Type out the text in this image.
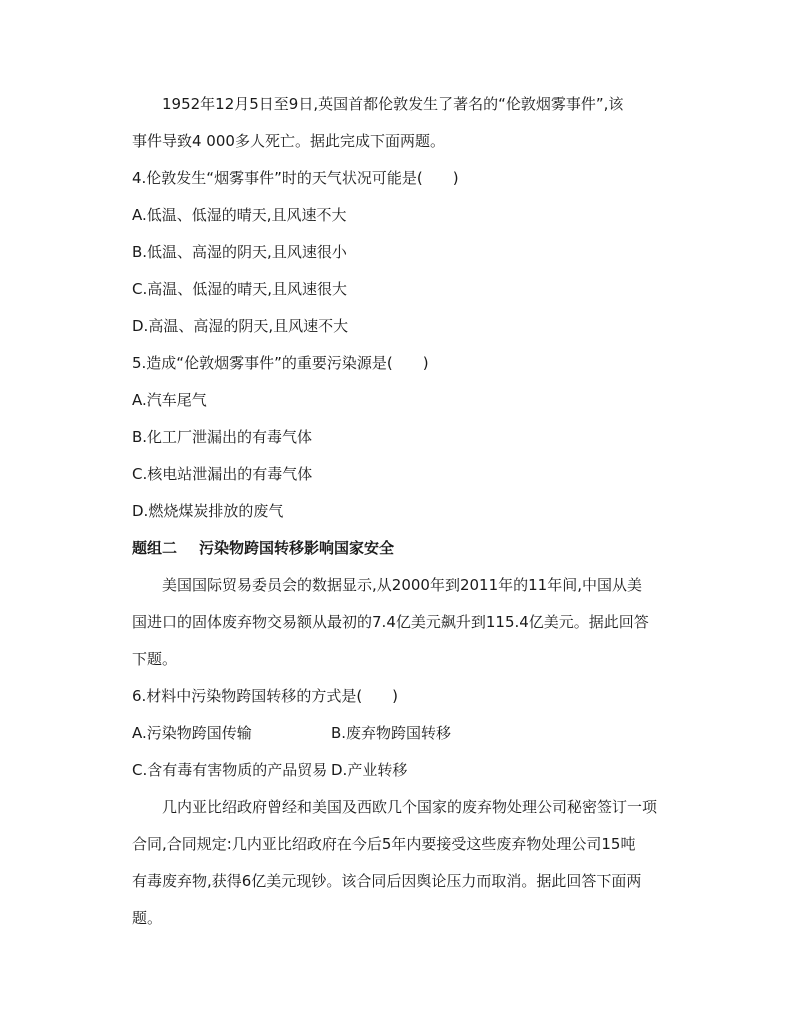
1952年12月5日至9日,英国首都伦敦发生了著名的“伦敦烟雾事件”,该
事件导致4 000多人死亡。据此完成下面两题。
4.伦敦发生“烟雾事件”时的天气状况可能是(　　)
A.低温、低湿的晴天,且风速不大
B.低温、高湿的阴天,且风速很小
C.高温、低湿的晴天,且风速很大
D.高温、高湿的阴天,且风速不大
5.造成“伦敦烟雾事件”的重要污染源是(　　)
A.汽车尾气
B.化工厂泄漏出的有毒气体
C.核电站泄漏出的有毒气体
D.燃烧煤炭排放的废气
题组二 污染物跨国转移影响国家安全
美国国际贸易委员会的数据显示,从2000年到2011年的11年间,中国从美
国进口的固体废弃物交易额从最初的7.4亿美元飙升到115.4亿美元。据此回答
下题。
6.材料中污染物跨国转移的方式是(　　)
A.污染物跨国传输	B.废弃物跨国转移
C.含有毒有害物质的产品贸易 D.产业转移
几内亚比绍政府曾经和美国及西欧几个国家的废弃物处理公司秘密签订一项
合同,合同规定:几内亚比绍政府在今后5年内要接受这些废弃物处理公司15吨
有毒废弃物,获得6亿美元现钞。该合同后因舆论压力而取消。据此回答下面两
题。
